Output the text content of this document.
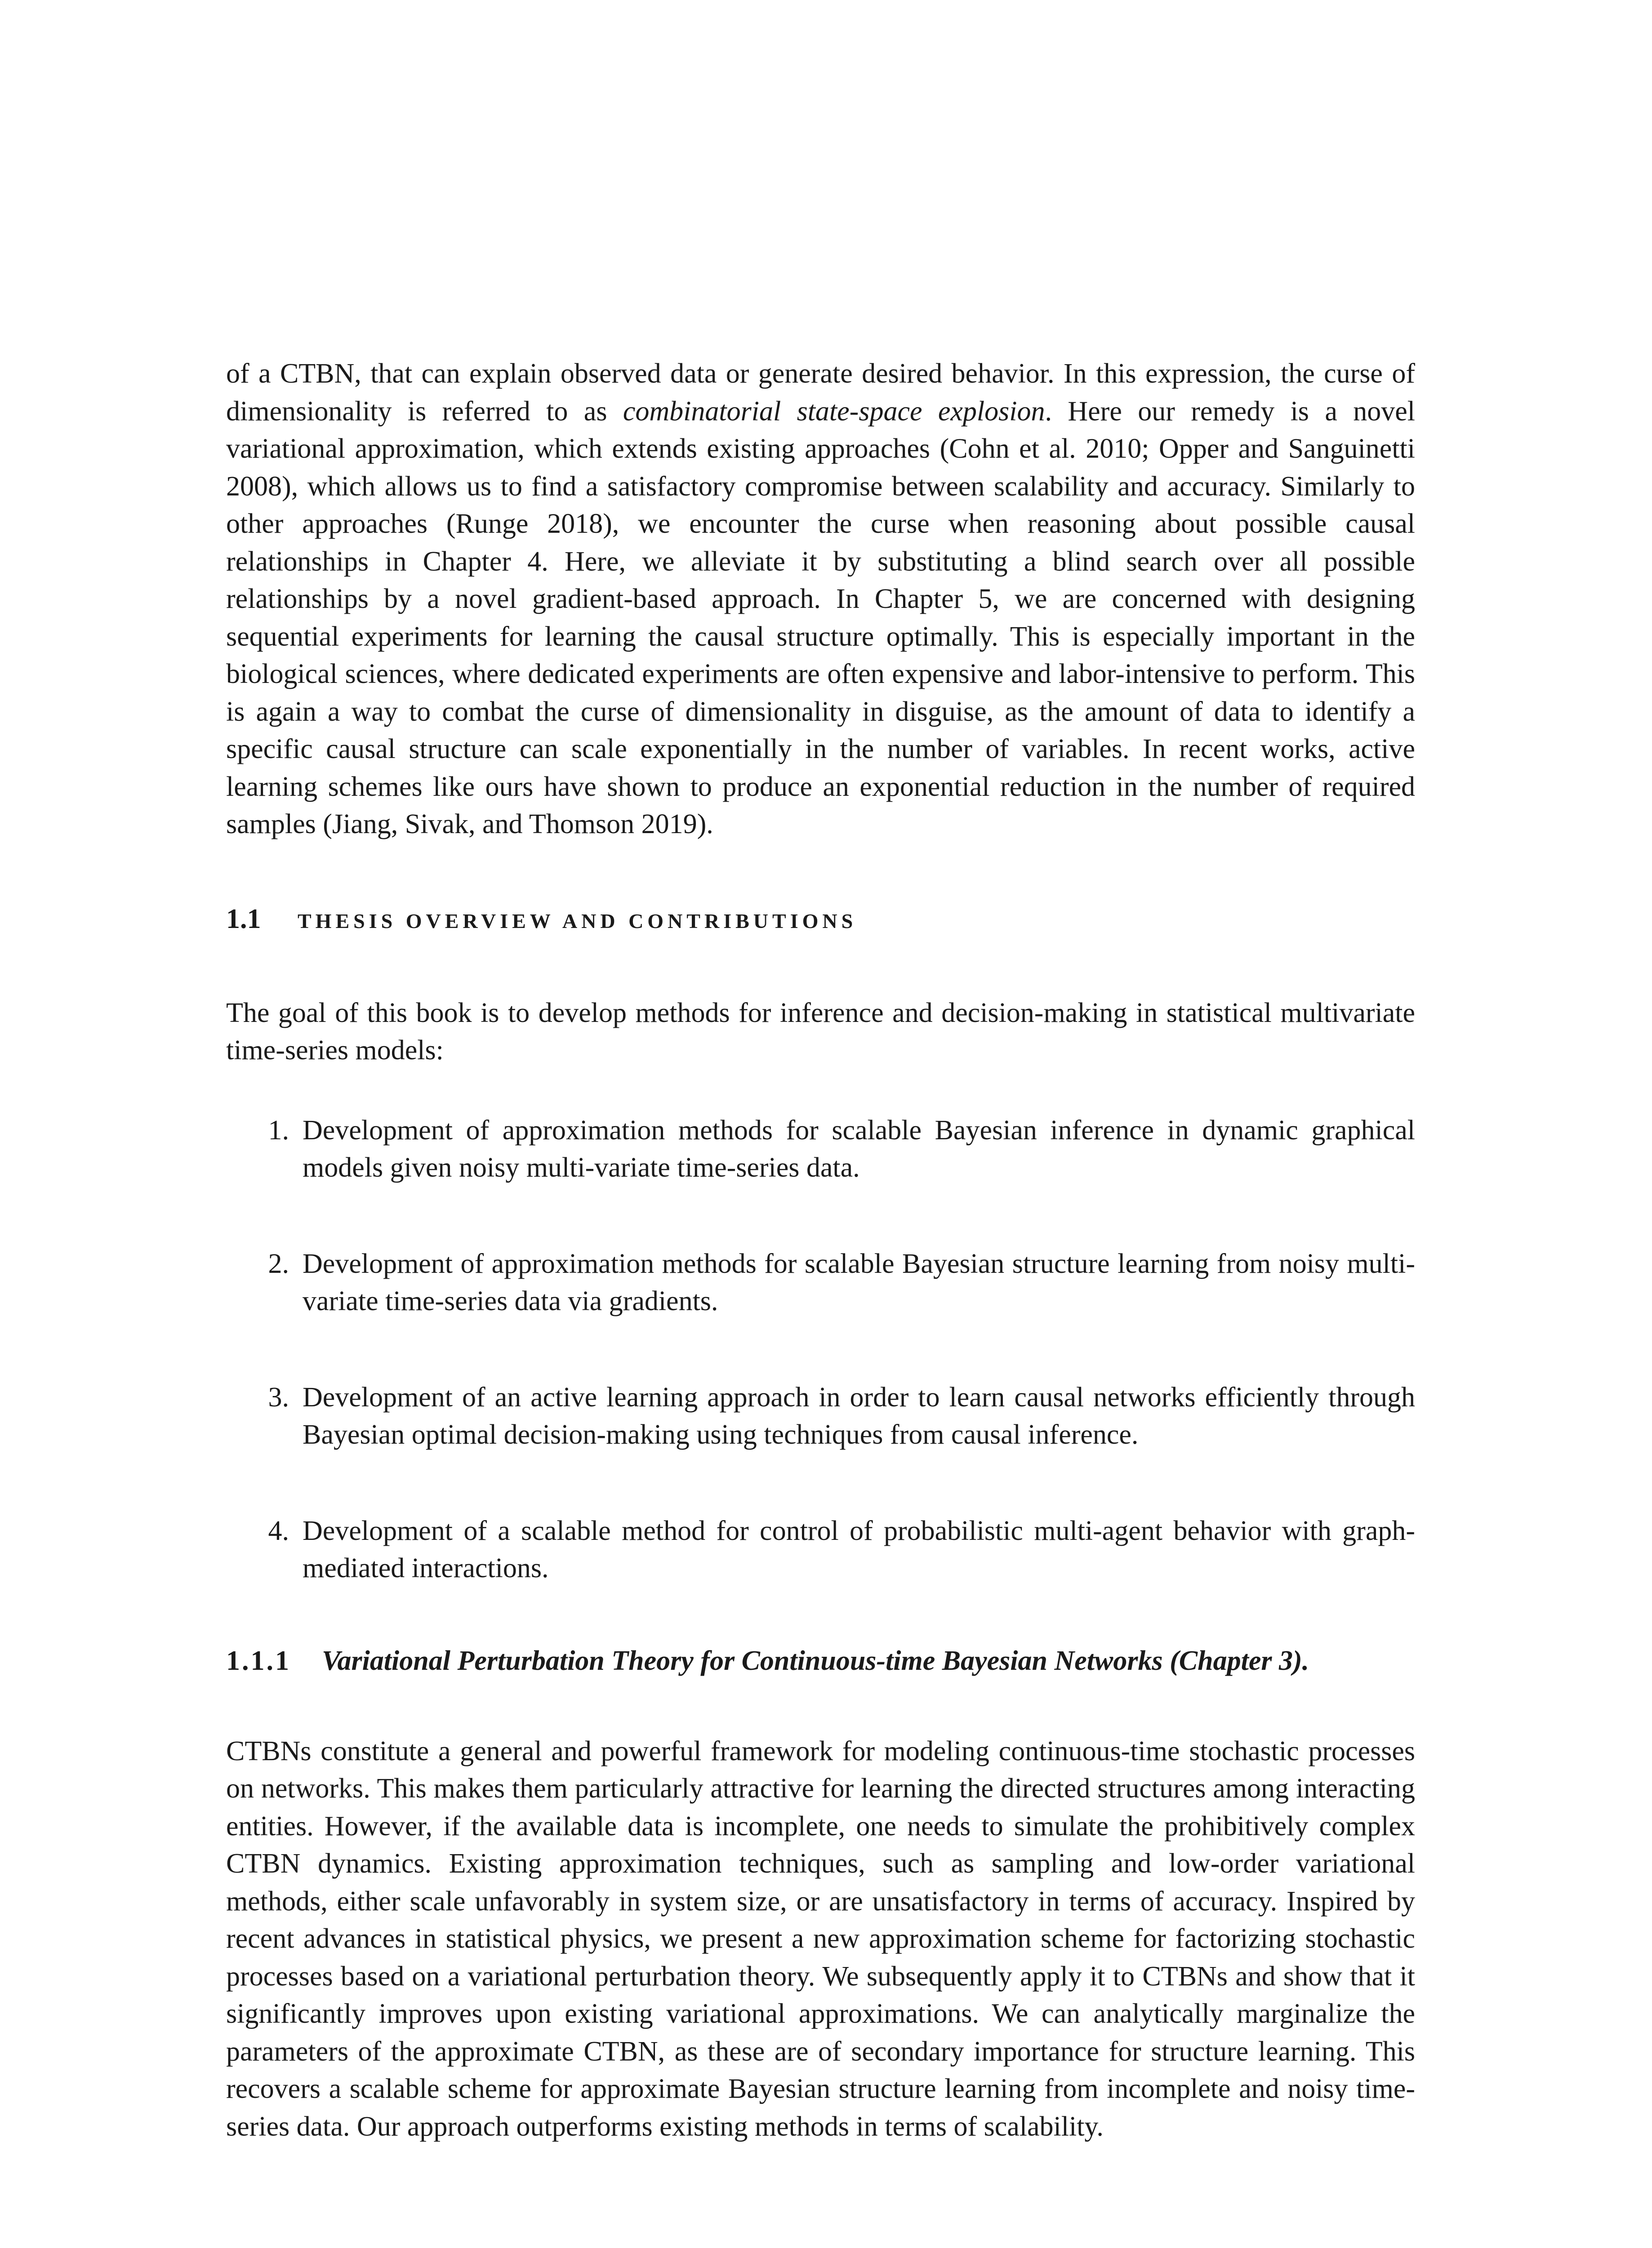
of a CTBN, that can explain observed data or generate desired behavior. In this expression, the curse of dimensionality is referred to as combinatorial state-space explosion. Here our remedy is a novel variational approximation, which extends existing approaches (Cohn et al. 2010; Opper and Sanguinetti 2008), which allows us to find a satisfactory compromise between scalability and accuracy. Similarly to other approaches (Runge 2018), we encounter the curse when reasoning about possible causal relationships in Chapter 4. Here, we alleviate it by substituting a blind search over all possible relationships by a novel gradient-based approach. In Chapter 5, we are concerned with designing sequential experiments for learning the causal structure optimally. This is especially important in the biological sciences, where dedicated experiments are often expensive and labor-intensive to perform. This is again a way to combat the curse of dimensionality in disguise, as the amount of data to identify a specific causal structure can scale exponentially in the number of variables. In recent works, active learning schemes like ours have shown to produce an exponential reduction in the number of required samples (Jiang, Sivak, and Thomson 2019).

1.1	THESIS OVERVIEW AND CONTRIBUTIONS

The goal of this book is to develop methods for inference and decision-making in statistical multivariate time-series models:

1. Development of approximation methods for scalable Bayesian inference in dynamic graphical models given noisy multi-variate time-series data.
2. Development of approximation methods for scalable Bayesian structure learning from noisy multi-variate time-series data via gradients.
3. Development of an active learning approach in order to learn causal networks efficiently through Bayesian optimal decision-making using techniques from causal inference.
4. Development of a scalable method for control of probabilistic multi-agent behavior with graph-mediated interactions.
1.1.1	Variational Perturbation Theory for Continuous-time Bayesian Networks (Chapter 3).

CTBNs constitute a general and powerful framework for modeling continuous-time stochastic processes on networks. This makes them particularly attractive for learning the directed structures among interacting entities. However, if the available data is incomplete, one needs to simulate the prohibitively complex CTBN dynamics. Existing approximation techniques, such as sampling and low-order variational methods, either scale unfavorably in system size, or are unsatisfactory in terms of accuracy. Inspired by recent advances in statistical physics, we present a new approximation scheme for factorizing stochastic processes based on a variational perturbation theory. We subsequently apply it to CTBNs and show that it significantly improves upon existing variational approximations. We can analytically marginalize the parameters of the approximate CTBN, as these are of secondary importance for structure learning. This recovers a scalable scheme for approximate Bayesian structure learning from incomplete and noisy time-series data. Our approach outperforms existing methods in terms of scalability.
